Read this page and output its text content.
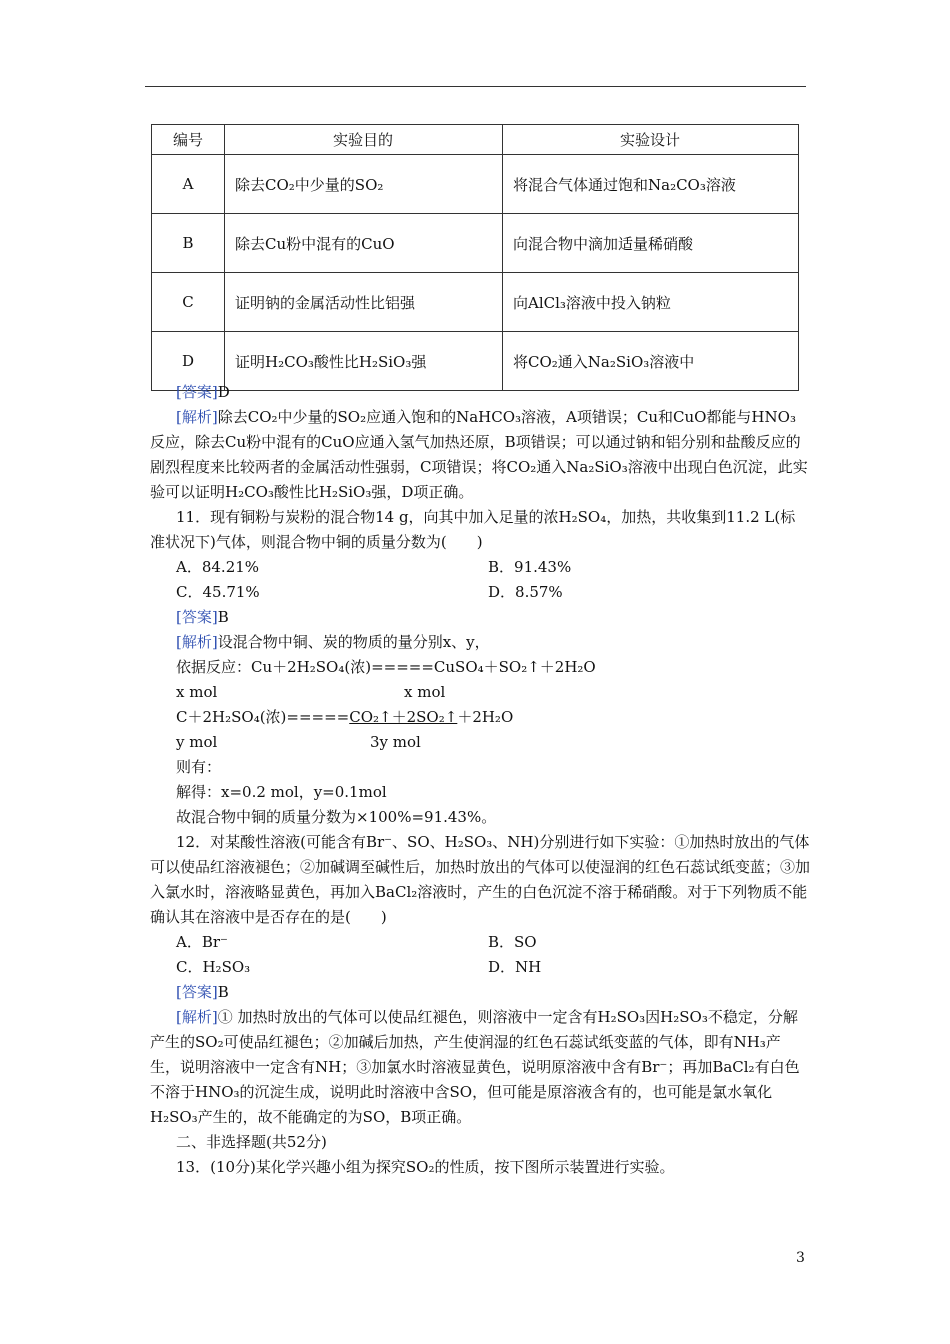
编号	实验目的	实验设计
A	除去CO₂中少量的SO₂	将混合气体通过饱和Na₂CO₃溶液
B	除去Cu粉中混有的CuO	向混合物中滴加适量稀硝酸
C	证明钠的金属活动性比铝强	向AlCl₃溶液中投入钠粒
D	证明H₂CO₃酸性比H₂SiO₃强	将CO₂通入Na₂SiO₃溶液中

[答案]D

[解析]除去CO₂中少量的SO₂应通入饱和的NaHCO₃溶液，A项错误；Cu和CuO都能与HNO₃反应，除去Cu粉中混有的CuO应通入氢气加热还原，B项错误；可以通过钠和铝分别和盐酸反应的剧烈程度来比较两者的金属活动性强弱，C项错误；将CO₂通入Na₂SiO₃溶液中出现白色沉淀，此实验可以证明H₂CO₃酸性比H₂SiO₃强，D项正确。

11．现有铜粉与炭粉的混合物14 g，向其中加入足量的浓H₂SO₄，加热，共收集到11.2 L(标准状况下)气体，则混合物中铜的质量分数为(　　)

A．84.21%	B．91.43%
C．45.71%	D．8.57%

[答案]B

[解析]设混合物中铜、炭的物质的量分别x、y，

依据反应：Cu＋2H₂SO₄(浓)=====CuSO₄＋SO₂↑＋2H₂O

x mol	x mol

C＋2H₂SO₄(浓)=====CO₂↑＋2SO₂↑＋2H₂O

y mol	3y mol

则有：

解得：x=0.2 mol，y=0.1mol

故混合物中铜的质量分数为×100%=91.43%。

12．对某酸性溶液(可能含有Br⁻、SO、H₂SO₃、NH)分别进行如下实验：①加热时放出的气体可以使品红溶液褪色；②加碱调至碱性后，加热时放出的气体可以使湿润的红色石蕊试纸变蓝；③加入氯水时，溶液略显黄色，再加入BaCl₂溶液时，产生的白色沉淀不溶于稀硝酸。对于下列物质不能确认其在溶液中是否存在的是(　　)

A．Br⁻	B．SO
C．H₂SO₃	D．NH

[答案]B

[解析]① 加热时放出的气体可以使品红褪色，则溶液中一定含有H₂SO₃因H₂SO₃不稳定，分解产生的SO₂可使品红褪色；②加碱后加热，产生使润湿的红色石蕊试纸变蓝的气体，即有NH₃产生，说明溶液中一定含有NH；③加氯水时溶液显黄色，说明原溶液中含有Br⁻；再加BaCl₂有白色不溶于HNO₃的沉淀生成，说明此时溶液中含SO，但可能是原溶液含有的，也可能是氯水氧化H₂SO₃产生的，故不能确定的为SO，B项正确。

二、非选择题(共52分)

13．(10分)某化学兴趣小组为探究SO₂的性质，按下图所示装置进行实验。

3
